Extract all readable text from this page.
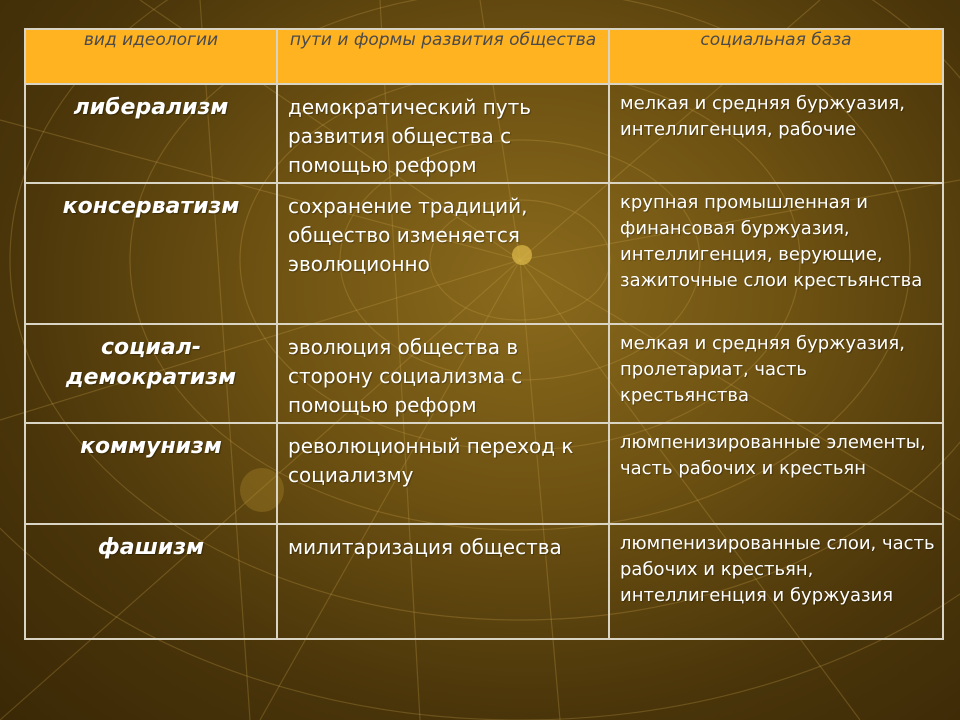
вид идеологии	пути и формы развития общества	социальная база
либерализм	демократический путь развития общества с помощью реформ	мелкая и средняя буржуазия, интеллигенция, рабочие
консерватизм	сохранение традиций, общество изменяется эволюционно	крупная промышленная и финансовая буржуазия, интеллигенция, верующие, зажиточные слои крестьянства
социал-демократизм	эволюция общества в сторону социализма с помощью реформ	мелкая и средняя буржуазия, пролетариат, часть крестьянства
коммунизм	революционный переход к социализму	люмпенизированные элементы, часть рабочих и крестьян
фашизм	милитаризация общества	люмпенизированные слои, часть рабочих и крестьян, интеллигенция и буржуазия
